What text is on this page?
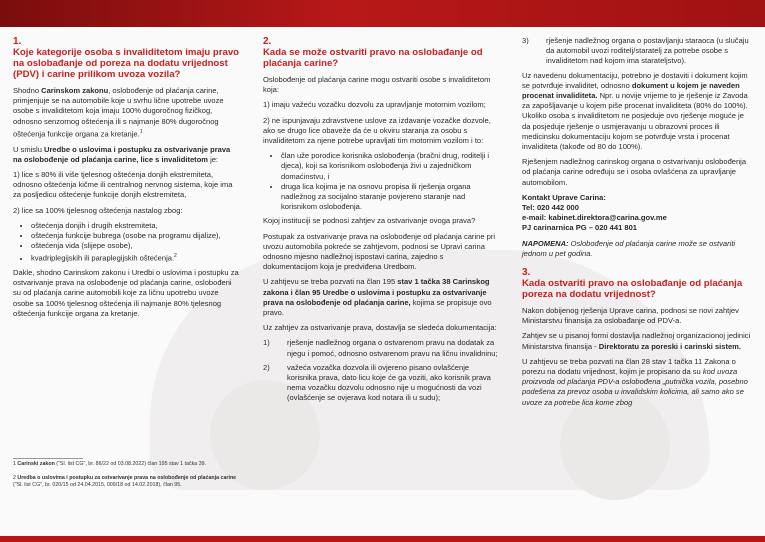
1.
Koje kategorije osoba s invaliditetom imaju pravo na oslobađanje od poreza na dodatu vrijednost (PDV) i carine prilikom uvoza vozila?

Shodno Carinskom zakonu, oslobođenje od plaćanja carine, primjenjuje se na automobile koje u svrhu lične upotrebe uvoze osobe s invaliditetom koja imaju 100% dugoročnog fizičkog, odnosno senzornog oštećenja ili s najmanje 80% dugoročnog oštećenja funkcije organa za kretanje.$^1$

U smislu Uredbe o uslovima i postupku za ostvarivanje prava na oslobođenje od plaćanja carine, lice s invaliditetom je:

1) lice s 80% ili više tjelesnog oštećenja donjih ekstremiteta, odnosno oštećenja kičme ili centralnog nervnog sistema, koje ima za posljedicu oštećenje funkcije donjih ekstremiteta,

2) lice sa 100% tjelesnog oštećenja nastalog zbog:

• oštećenja donjih i drugih ekstremiteta,
• oštećenja funkcije bubrega (osobe na programu dijalize),
• oštećenja vida (slijepe osobe),
• kvadriplegijskih ili paraplegijskih oštećenja.$^2$

Dakle, shodno Carinskom zakonu i Uredbi o uslovima i postupku za ostvarivanje prava na oslobođenje od plaćanja carine, oslobođeni su od plaćanja carine automobili koje za ličnu upotrebu uvoze osobe sa 100% tjelesnog oštećenja ili najmanje 80% tjelesnog oštećenja funkcije organa za kretanje.

1 Carinski zakon ("Sl. list CG", br. 86/22 od 03.08.2022) član 195 stav 1 tačka 39.

2 Uredba o uslovima i postupku za ostvarivanje prava na oslobođenje od plaćanja carine ("Sl. list CG", br. 020/15 od 24.04.2015, 009/18 od 14.02.2018), član 95.

2.
Kada se može ostvariti pravo na oslobađanje od plaćanja carine?

Oslobođenje od plaćanja carine mogu ostvariti osobe s invaliditetom koja:

1) imaju važeću vozačku dozvolu za upravljanje motornim vozilom;

2) ne ispunjavaju zdravstvene uslove za izdavanje vozačke dozvole, ako se drugo lice obaveže da će u okviru staranja za osobu s invaliditetom za njene potrebe upravljati tim motornim vozilom i to:

• član uže porodice korisnika oslobođenja (bračni drug, roditelji i djeca), koji sa korisnikom oslobođenja živi u zajedničkom domaćinstvu, i
• druga lica kojima je na osnovu propisa ili rješenja organa nadležnog za socijalno staranje povjereno staranje nad korisnikom oslobođenja.

Kojoj instituciji se podnosi zahtjev za ostvarivanje ovoga prava?

Postupak za ostvarivanje prava na oslobođenje od plaćanja carine pri uvozu automobila pokreće se zahtjevom, podnosi se Upravi carina odnosno mjesno nadležnoj ispostavi carina, zajedno s dokumentacijom koja je predviđena Uredbom.

U zahtjevu se treba pozvati na član 195 stav 1 tačka 38 Carinskog zakona i član 95 Uredbe o uslovima i postupku za ostvarivanje prava na oslobođenje od plaćanja carine, kojima se propisuje ovo pravo.

Uz zahtjev za ostvarivanje prava, dostavlja se sledeća dokumentacija:

1)	rješenje nadležnog organa o ostvarenom pravu na dodatak za njegu i pomoć, odnosno ostvarenom pravu na ličnu invalidninu;
2)	važeća vozačka dozvola ili ovjereno pisano ovlašćenje korisnika prava, dato licu koje će ga voziti, ako korisnik prava nema vozačku dozvolu odnosno nije u mogućnosti da vozi (ovlašćenje se ovjerava kod notara ili u sudu);
3)	rješenje nadležnog organa o postavljanju staraoca (u slučaju da automobil uvozi roditelj/staratelj za potrebe osobe s invaliditetom nad kojom ima starateljstvo).

Uz navedenu dokumentaciju, potrebno je dostaviti i dokument kojim se potvrđuje invaliditet, odnosno dokument u kojem je naveden procenat invaliditeta. Npr. u novije vrijeme to je rješenje iz Zavoda za zapošljavanje u kojem piše procenat invaliditeta (80% do 100%). Ukoliko osoba s invaliditetom ne posjeduje ovo rješenje moguće je da posjeduje rješenje o usmjeravanju u obrazovni proces ili medicinsku dokumentaciju kojom se potvrđuje vrsta i procenat invaliditeta (takođe od 80 do 100%).

Rješenjem nadležnog carinskog organa o ostvarivanju oslobođenja od plaćanja carine određuju se i osoba ovlašćena za upravljanje automobilom.

Kontakt Uprave Carina:

Tel: 020 442 000

e-mail: kabinet.direktora@carina.gov.me

PJ carinarnica PG – 020 441 801

NAPOMENA: Oslobođenje od plaćanja carine može se ostvariti jednom u pet godina.

3.
Kada ostvariti pravo na oslobađanje od plaćanja poreza na dodatu vrijednost?

Nakon dobijenog rješenja Uprave carina, podnosi se novi zahtjev Ministarstvu finansija za oslobađanje od PDV-a.

Zahtjev se u pisanoj formi dostavlja nadležnoj organizacionoj jedinici Ministarstva finansija - Direktoratu za poreski i carinski sistem.

U zahtjevu se treba pozvati na član 28 stav 1 tačka 11 Zakona o porezu na dodatu vrijednost, kojim je propisano da su kod uvoza proizvoda od plaćanja PDV-a oslobođena „putnička vozila, posebno podešena za prevoz osoba u invalidskim kolicima, ali samo ako se uvoze za potrebe lica kome zbog
